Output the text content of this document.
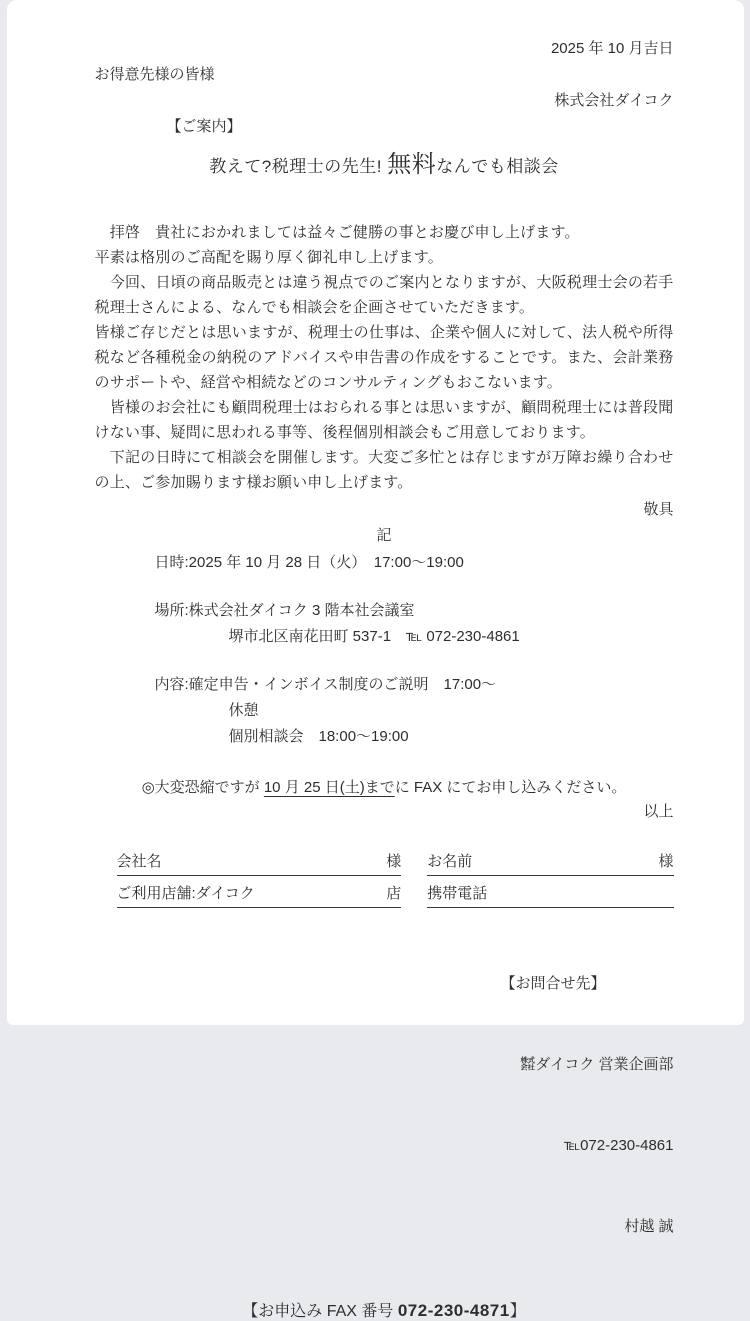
2025 年 10 月吉日
お得意先様の皆様
株式会社ダイコク
【ご案内】
教えて?税理士の先生! 無料なんでも相談会

　拝啓　貴社におかれましては益々ご健勝の事とお慶び申し上げます。

平素は格別のご高配を賜り厚く御礼申し上げます。

　今回、日頃の商品販売とは違う視点でのご案内となりますが、大阪税理士会の若手税理士さんによる、なんでも相談会を企画させていただきます。

皆様ご存じだとは思いますが、税理士の仕事は、企業や個人に対して、法人税や所得税など各種税金の納税のアドバイスや申告書の作成をすることです。また、会計業務のサポートや、経営や相続などのコンサルティングもおこないます。

　皆様のお会社にも顧問税理士はおられる事とは思いますが、顧問税理士には普段聞けない事、疑問に思われる事等、後程個別相談会もご用意しております。

　下記の日時にて相談会を開催します。大変ご多忙とは存じますが万障お繰り合わせの上、ご参加賜ります様お願い申し上げます。

敬具
記
日時:2025 年 10 月 28 日（火）　17:00〜19:00
場所:株式会社ダイコク 3 階本社会議室
堺市北区南花田町 537-1　℡ 072-230-4861
内容:確定申告・インボイス制度のご説明　17:00〜
休憩
個別相談会　18:00〜19:00
◎大変恐縮ですが 10 月 25 日(土)までに FAX にてお申し込みください。
以上
会社名	様 お名前	様
ご利用店舗:ダイコク	店 携帯電話

【お問合せ先】

㍿ダイコク 営業企画部

℡072-230-4861

村越 誠

【お申込み FAX 番号 072-230-4871】
